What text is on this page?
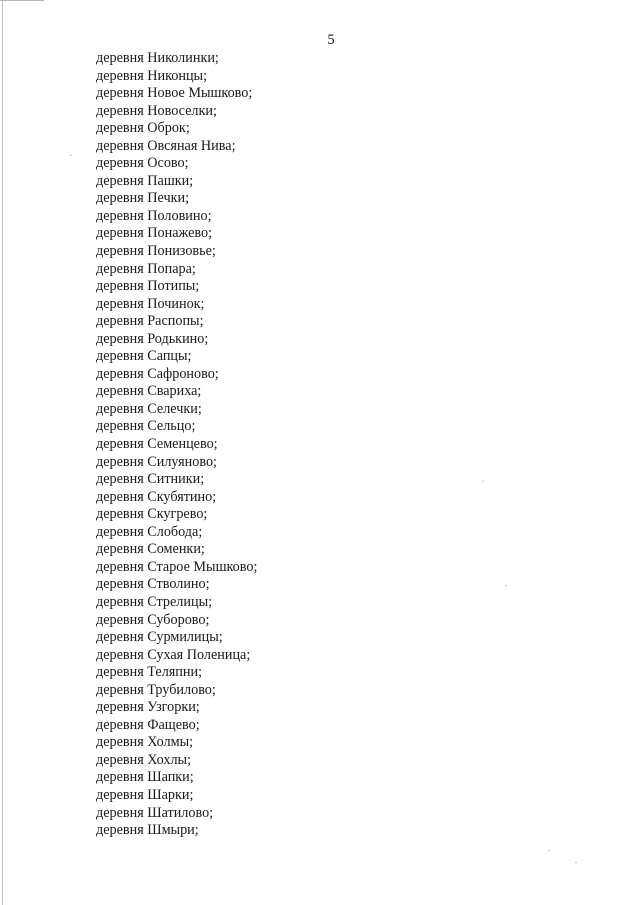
5
деревня Николинки;
деревня Никонцы;
деревня Новое Мышково;
деревня Новоселки;
деревня Оброк;
деревня Овсяная Нива;
деревня Осово;
деревня Пашки;
деревня Печки;
деревня Половино;
деревня Понажево;
деревня Понизовье;
деревня Попара;
деревня Потипы;
деревня Починок;
деревня Распопы;
деревня Родькино;
деревня Сапцы;
деревня Сафроново;
деревня Свариха;
деревня Селечки;
деревня Сельцо;
деревня Семенцево;
деревня Силуяново;
деревня Ситники;
деревня Скубятино;
деревня Скугрево;
деревня Слобода;
деревня Соменки;
деревня Старое Мышково;
деревня Стволино;
деревня Стрелицы;
деревня Суборово;
деревня Сурмилицы;
деревня Сухая Поленица;
деревня Теляпни;
деревня Трубилово;
деревня Узгорки;
деревня Фащево;
деревня Холмы;
деревня Хохлы;
деревня Шапки;
деревня Шарки;
деревня Шатилово;
деревня Шмыри;
